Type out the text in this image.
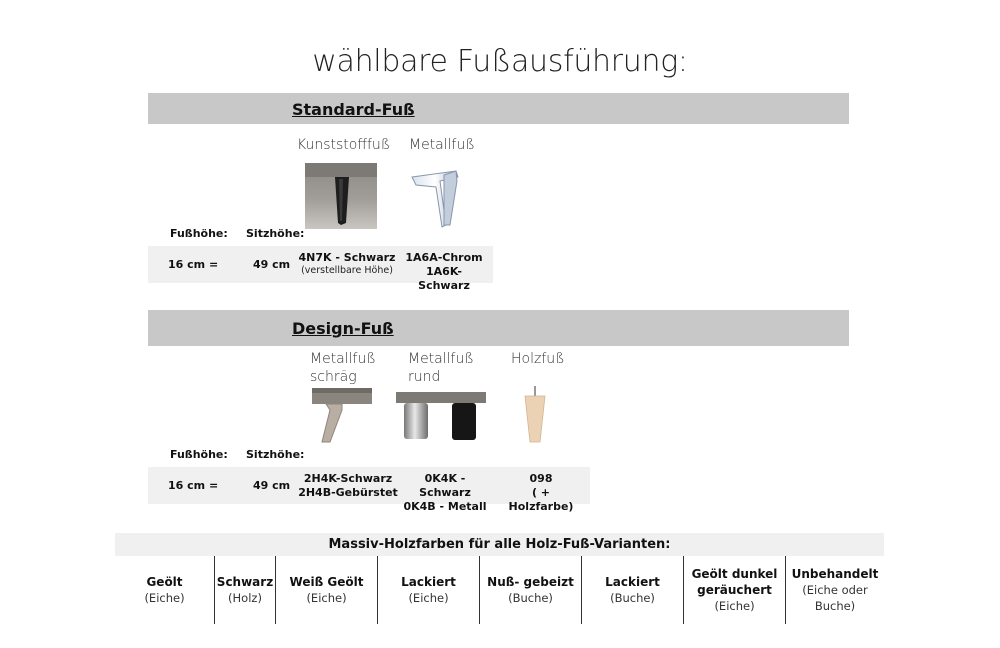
wählbare Fußausführung:
Standard-Fuß
Kunststofffuß Metallfuß
Fußhöhe: Sitzhöhe:
16 cm =	49 cm
4N7K - Schwarz
(verstellbare Höhe)
1A6A-Chrom
1A6K-Schwarz
Design-Fuß
Metallfuß
schräg
Metallfuß
rund
Holzfuß
Fußhöhe: Sitzhöhe:
16 cm =	49 cm
2H4K-Schwarz
2H4B-Gebürstet
0K4K - Schwarz
0K4B - Metall
098
( + Holzfarbe)
Massiv-Holzfarben für alle Holz-Fuß-Varianten:
Geölt
(Eiche)
Schwarz
(Holz)
Weiß Geölt
(Eiche)
Lackiert
(Eiche)
Nuß- gebeizt
(Buche)
Lackiert
(Buche)
Geölt dunkel geräuchert
(Eiche)
Unbehandelt
(Eiche oder Buche)
